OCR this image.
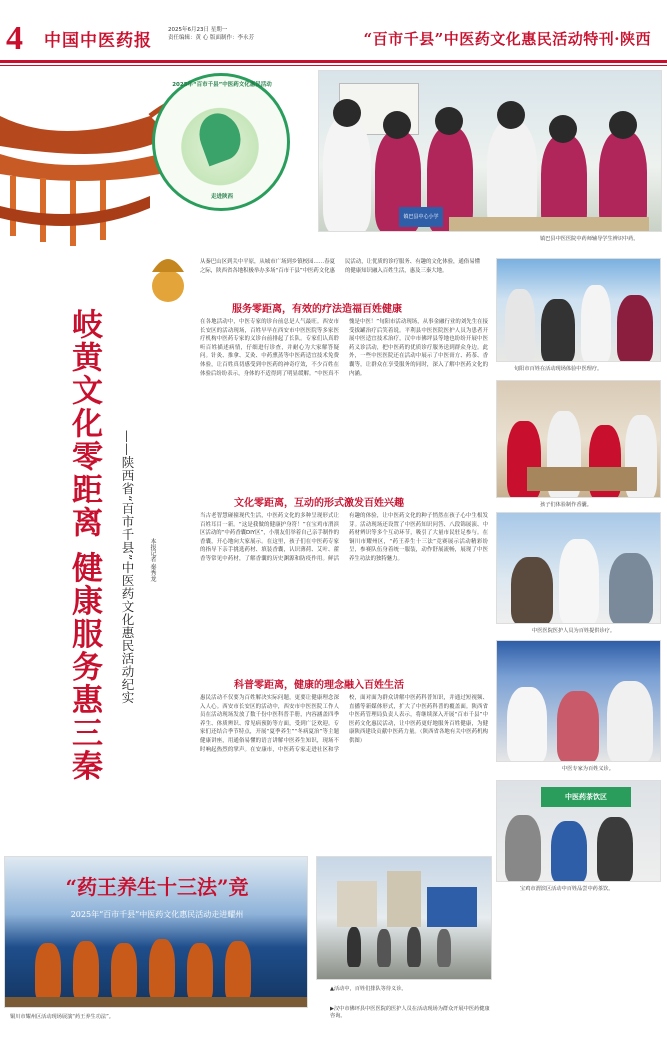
4 中国中医药报
2025年6月23日 星期一
责任编辑：黄 心 版面制作：李永芳	“百市千县”中医药文化惠民活动特刊·陕西
2025年“百市千县”中医药文化惠民活动
走进陕西
岐黄文化零距离 健康服务惠三秦	——陕西省“百市千县”中医药文化惠民活动纪实	本报记者 秦秀龙
从秦巴山区到关中平原，从城市广场到乡镇校园……春夏之际，陕西省各地积极举办多场“百市千县”中医药文化惠民活动，让优质的诊疗服务、有趣的文化体验，通俗易懂的健康知识融入百姓生活，惠及三秦大地。
服务零距离，有效的疗法造福百姓健康
在各地活动中，中医专家的诊台前总是人气最旺。西安市长安区的活动现场，百姓早早在西安市中医医院等多家医疗机构中医药专家的义诊台前排起了长队。专家们认真聆听百姓描述病情，仔细进行诊查，并耐心为大家解答疑问。针灸、推拿、艾灸、中药熏蒸等中医药适宜技术免费体验，让百姓真切感受到中医药的神奇疗效，不少百姓在体验后纷纷表示，身体的不适得到了明显缓解。“中医真不愧是中医！”旬阳市活动现场，从事金融行业的刘先生在接受拔罐治疗后笑着说。平利县中医医院医护人员为患者开展中医适宜技术治疗，汉中市佛坪县等地也纷纷开展中医药义诊活动，把中医药的优质诊疗服务送到群众身边。此外，一些中医医院还在活动中展示了中医膏方、药茶、香囊等，让群众在享受服务的同时，深入了解中医药文化的内涵。
文化零距离，互动的形式激发百姓兴趣
当古老智慧碰撞现代生活，中医药文化的多种呈现形式让百姓耳目一新。“这是我做的健康护身符！”在宝鸡市渭滨区活动的“中药香囊DIY区”，小朋友们举着自己亲手制作的香囊，开心地向大家展示。在这里，孩子们在中医药专家的指导下亲手挑选药材、填装香囊，认识薄荷、艾叶、藿香等常见中药材，了解香囊的历史渊源和防疫作用。鲜活有趣的体验，让中医药文化的种子悄然在孩子心中生根发芽。活动现场还设置了中医药知识问答、八段锦展演、中药材辨识等多个互动环节，吸引了大量市民驻足参与。在铜川市耀州区，“药王养生十三法”竞赛展示活动精彩纷呈，参赛队伍身着统一服装，动作舒展流畅，展现了中医养生功法的独特魅力。
科普零距离，健康的理念融入百姓生活
惠民活动不仅要为百姓解决实际问题，更要让健康理念深入人心。西安市长安区的活动中，西安市中医医院工作人员在活动现场发放了数千份中医科普手册，内容涵盖四季养生、体质辨识、常见病预防等方面，受到广泛欢迎。专家们还结合季节特点，开展“夏季养生”“冬病夏治”等主题健康讲座，用通俗易懂的语言讲解中医养生知识，现场不时响起热烈的掌声。在安康市，中医药专家走进社区和学校，面对面为群众讲解中医药科普知识，并通过短视频、直播等新媒体形式，扩大了中医药科普的覆盖面。陕西省中医药管理局负责人表示，将继续深入开展“百市千县”中医药文化惠民活动，让中医药更好地服务百姓健康，为健康陕西建设贡献中医药力量。（陕西省各地有关中医药机构供图）
镇巴县中心小学
镇巴县中医医院中药师辅导学生辨识中药。
旬阳市百姓在活动现场体验中医理疗。
孩子们体验制作香囊。
中医医院医护人员为百姓提供诊疗。
中医专家为百姓义诊。
中医药茶饮区
宝鸡市渭滨区活动中百姓品尝中药茶饮。
“药王养生十三法”竞
2025年“百市千县”中医药文化惠民活动走进耀州
铜川市耀州区活动现场展演“药王养生功法”。
▲活动中，百姓们排队等待义诊。
▶汉中市佛坪县中医医院的医护人员在活动现场为群众开展中医药健康咨询。
